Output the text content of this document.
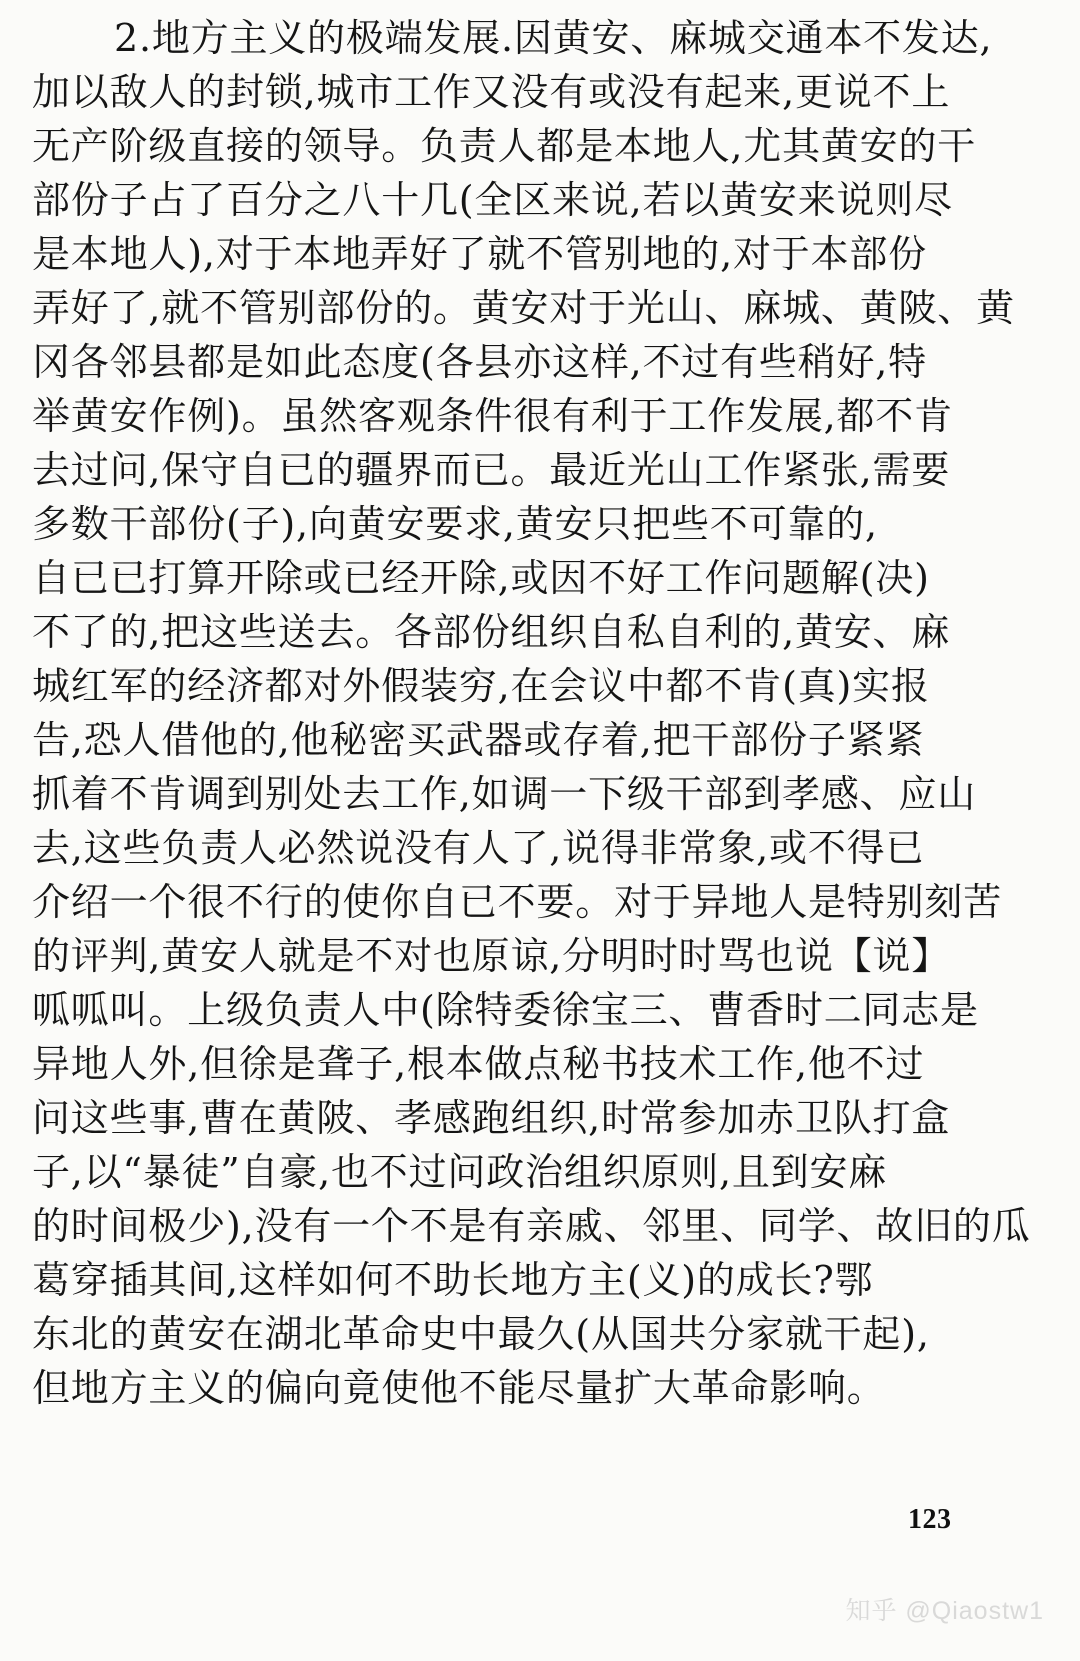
2.地方主义的极端发展.因黄安、麻城交通本不发达,
加以敌人的封锁,城市工作又没有或没有起来,更说不上
无产阶级直接的领导。负责人都是本地人,尤其黄安的干
部份子占了百分之八十几(全区来说,若以黄安来说则尽
是本地人),对于本地弄好了就不管别地的,对于本部份
弄好了,就不管别部份的。黄安对于光山、麻城、黄陂、黄
冈各邻县都是如此态度(各县亦这样,不过有些稍好,特
举黄安作例)。虽然客观条件很有利于工作发展,都不肯
去过问,保守自已的疆界而已。最近光山工作紧张,需要
多数干部份(子),向黄安要求,黄安只把些不可靠的,
自已已打算开除或已经开除,或因不好工作问题解(决)
不了的,把这些送去。各部份组织自私自利的,黄安、麻
城红军的经济都对外假装穷,在会议中都不肯(真)实报
告,恐人借他的,他秘密买武器或存着,把干部份子紧紧
抓着不肯调到别处去工作,如调一下级干部到孝感、应山
去,这些负责人必然说没有人了,说得非常象,或不得已
介绍一个很不行的使你自已不要。对于异地人是特别刻苦
的评判,黄安人就是不对也原谅,分明时时骂也说【说】
呱呱叫。上级负责人中(除特委徐宝三、曹香时二同志是
异地人外,但徐是聋子,根本做点秘书技术工作,他不过
问这些事,曹在黄陂、孝感跑组织,时常参加赤卫队打盒
子,以“暴徒”自豪,也不过问政治组织原则,且到安麻
的时间极少),没有一个不是有亲戚、邻里、同学、故旧的瓜
葛穿插其间,这样如何不助长地方主(义)的成长?鄂
东北的黄安在湖北革命史中最久(从国共分家就干起),
但地方主义的偏向竟使他不能尽量扩大革命影响。
123
知乎 @Qiaostw1
